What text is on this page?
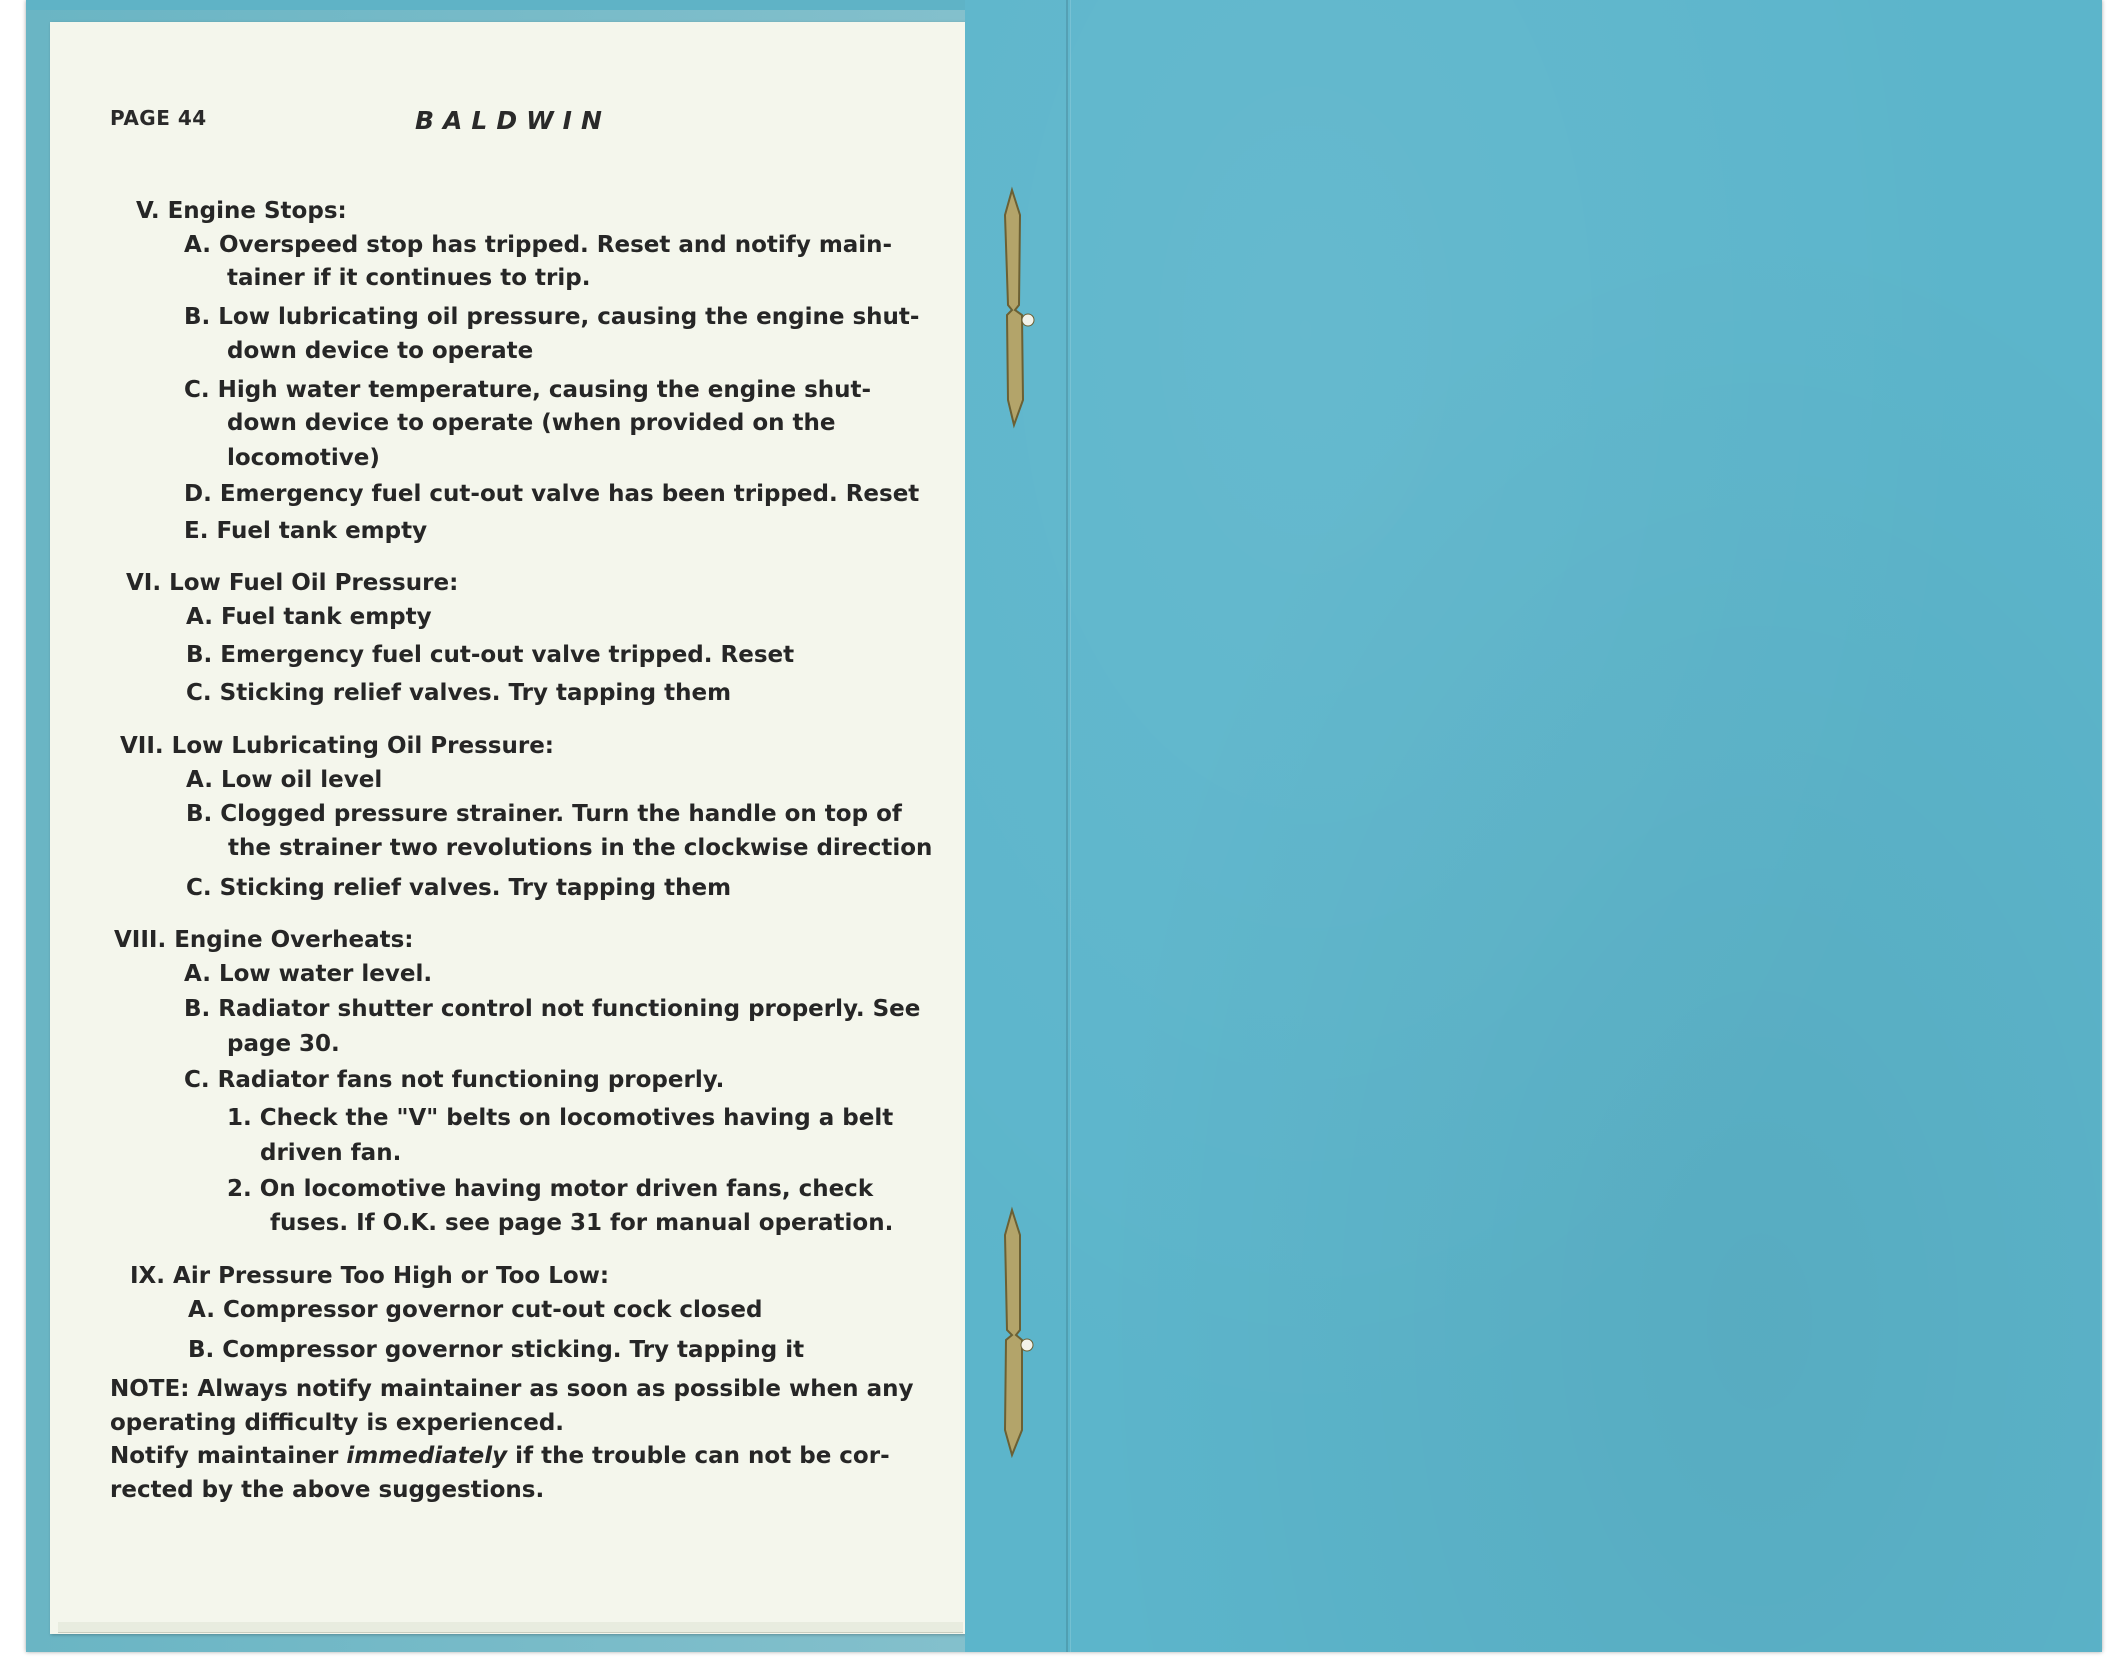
PAGE 44	BALDWIN
V. Engine Stops:
A. Overspeed stop has tripped. Reset and notify main-
tainer if it continues to trip.
B. Low lubricating oil pressure, causing the engine shut-
down device to operate
C. High water temperature, causing the engine shut-
down device to operate (when provided on the
locomotive)
D. Emergency fuel cut-out valve has been tripped. Reset
E. Fuel tank empty
VI. Low Fuel Oil Pressure:
A. Fuel tank empty
B. Emergency fuel cut-out valve tripped. Reset
C. Sticking relief valves. Try tapping them
VII. Low Lubricating Oil Pressure:
A. Low oil level
B. Clogged pressure strainer. Turn the handle on top of
the strainer two revolutions in the clockwise direction
C. Sticking relief valves. Try tapping them
VIII. Engine Overheats:
A. Low water level.
B. Radiator shutter control not functioning properly. See
page 30.
C. Radiator fans not functioning properly.
1. Check the "V" belts on locomotives having a belt
driven fan.
2. On locomotive having motor driven fans, check
fuses. If O.K. see page 31 for manual operation.
IX. Air Pressure Too High or Too Low:
A. Compressor governor cut-out cock closed
B. Compressor governor sticking. Try tapping it
NOTE: Always notify maintainer as soon as possible when any
operating difficulty is experienced.
Notify maintainer immediately if the trouble can not be cor-
rected by the above suggestions.
